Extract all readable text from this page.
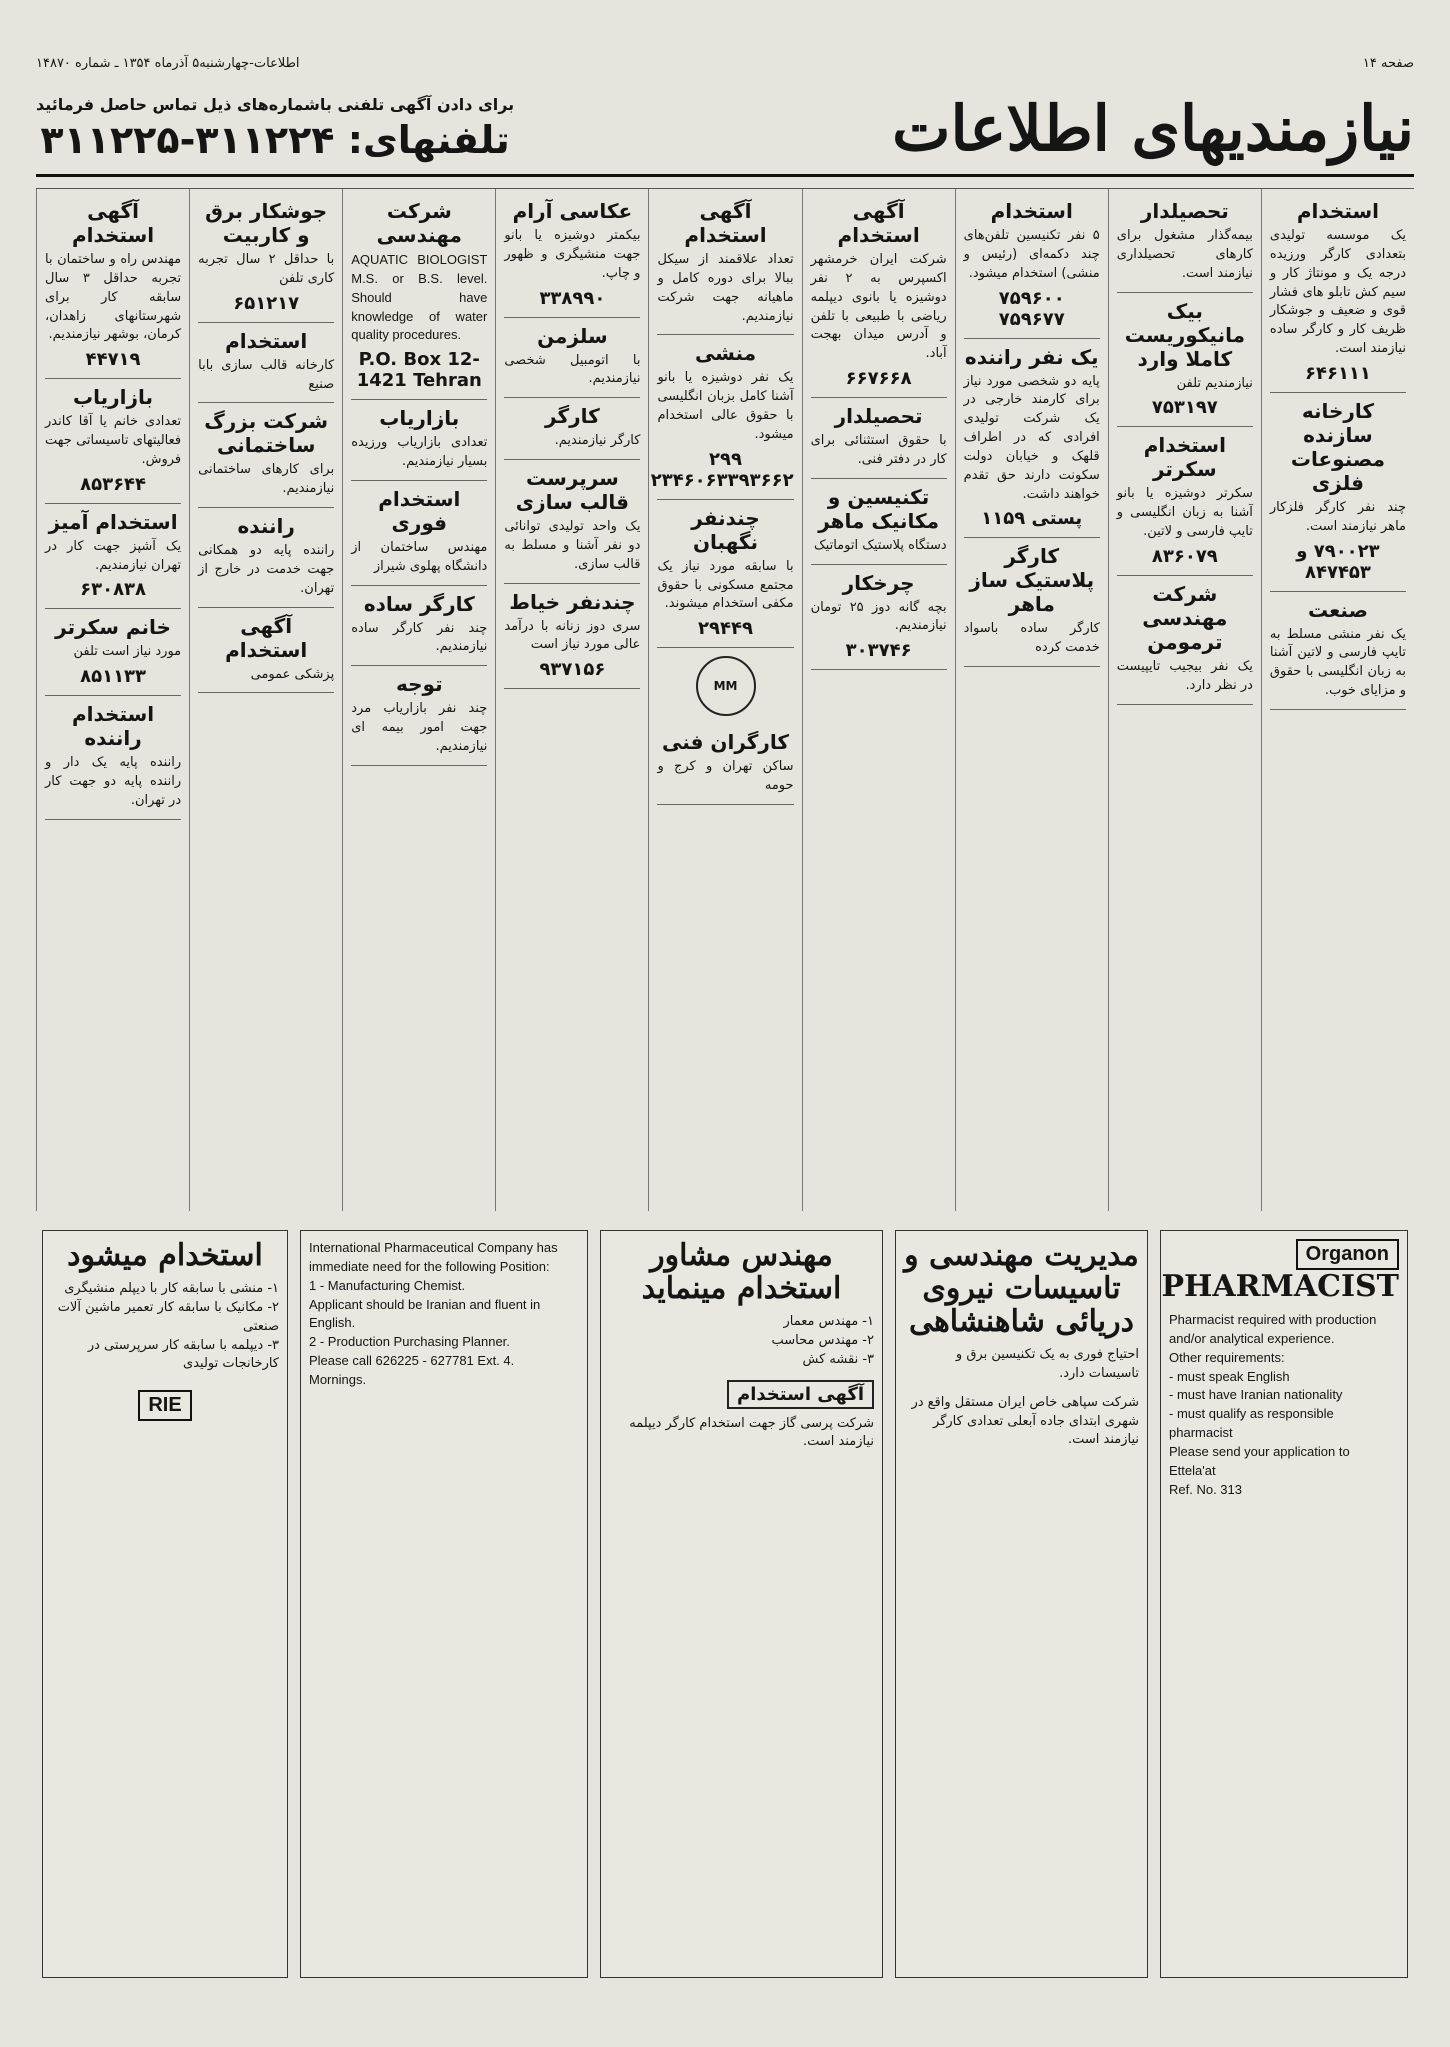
صفحه ۱۴
اطلاعات-چهارشنبه۵ آذرماه ۱۳۵۴ ـ شماره ۱۴۸۷۰
نیازمندیهای اطلاعات
برای دادن آگهی تلفنی باشماره‌های ذیل تماس حاصل فرمائید
تلفنهای: ۳۱۱۲۲۴-۳۱۱۲۲۵
استخدام

یک موسسه تولیدی بتعدادی کارگر ورزیده درجه یک و مونتاژ کار و سیم کش تابلو های فشار قوی و ضعیف و جوشکار ظریف کار و کارگر ساده نیازمند است.

۶۴۶۱۱۱
کارخانه سازنده مصنوعات فلزی

چند نفر کارگر فلزکار ماهر نیازمند است.

۷۹۰۰۲۳ و ۸۴۷۴۵۳
صنعت

یک نفر منشی مسلط به تایپ فارسی و لاتین آشنا به زبان انگلیسی با حقوق و مزایای خوب.

تحصیلدار

بیمه‌گذار مشغول برای کارهای تحصیلداری نیازمند است.

بیک مانیکوریست کاملا وارد

نیازمندیم تلفن

۷۵۳۱۹۷
استخدام سکرتر

سکرتر دوشیزه یا بانو آشنا به زبان انگلیسی و تایپ فارسی و لاتین.

۸۳۶۰۷۹
شرکت مهندسی ترمومن

یک نفر بیجیب تایپیست در نظر دارد.

استخدام

۵ نفر تکنیسین تلفن‌های چند دکمه‌ای (رئیس و منشی) استخدام میشود.

۷۵۹۶۰۰ ۷۵۹۶۷۷
یک نفر راننده

پایه دو شخصی مورد نیاز برای کارمند خارجی در یک شرکت تولیدی افرادی که در اطراف قلهک و خیابان دولت سکونت دارند حق تقدم خواهند داشت.

پستی ۱۱۵۹
کارگر پلاستیک ساز ماهر

کارگر ساده باسواد خدمت کرده

آگهی استخدام

شرکت ایران خرمشهر اکسپرس به ۲ نفر دوشیزه یا بانوی دیپلمه ریاضی با طبیعی با تلفن و آدرس میدان بهجت آباد.

۶۶۷۶۶۸
تحصیلدار

با حقوق استثنائی برای کار در دفتر فنی.

تکنیسین و مکانیک ماهر

دستگاه پلاستیک اتوماتیک

چرخکار

بچه گانه دوز ۲۵ تومان نیازمندیم.

۳۰۳۷۴۶
آگهی استخدام

تعداد علاقمند از سیکل ببالا برای دوره کامل و ماهیانه جهت شرکت نیازمندیم.

منشی

یک نفر دوشیزه یا بانو آشنا کامل بزبان انگلیسی با حقوق عالی استخدام میشود.

۲۹۹ ۲۳۴۶۰۶۳۳۹۳۶۶۲
چندنفر نگهبان

با سابقه مورد نیاز یک مجتمع مسکونی با حقوق مکفی استخدام میشوند.

۲۹۴۴۹
MM
کارگران فنی

ساکن تهران و کرج و حومه

عکاسی آرام

بیکمتر دوشیزه یا بانو جهت منشیگری و ظهور و چاپ.

۳۳۸۹۹۰
سلزمن

با اتومبیل شخصی نیازمندیم.

کارگر

کارگر نیازمندیم.

سرپرست قالب سازی

یک واحد تولیدی توانائی دو نفر آشنا و مسلط به قالب سازی.

چندنفر خیاط

سری دوز زنانه با درآمد عالی مورد نیاز است

۹۳۷۱۵۶
شرکت مهندسی

AQUATIC BIOLOGIST M.S. or B.S. level. Should have knowledge of water quality procedures.

P.O. Box 12-1421 Tehran
بازاریاب

تعدادی بازاریاب ورزیده بسیار نیازمندیم.

استخدام فوری

مهندس ساختمان از دانشگاه پهلوی شیراز

کارگر ساده

چند نفر کارگر ساده نیازمندیم.

توجه

چند نفر بازاریاب مرد جهت امور بیمه ای نیازمندیم.

جوشکار برق و کاربیت

با حداقل ۲ سال تجربه کاری تلفن

۶۵۱۲۱۷
استخدام

کارخانه قالب سازی بابا صنیع

شرکت بزرگ ساختمانی

برای کارهای ساختمانی نیازمندیم.

راننده

راننده پایه دو همکانی جهت خدمت در خارج از تهران.

آگهی استخدام

پزشکی عمومی

آگهی استخدام

مهندس راه و ساختمان با تجربه حداقل ۳ سال سابقه کار برای شهرستانهای زاهدان، کرمان، بوشهر نیازمندیم.

۴۴۷۱۹
بازاریاب

تعدادی خانم یا آقا کاندر فعالیتهای تاسیساتی جهت فروش.

۸۵۳۶۴۴
استخدام آمیز

یک آشپز جهت کار در تهران نیازمندیم.

۶۳۰۸۳۸
خانم سکرتر

مورد نیاز است تلفن

۸۵۱۱۳۳
استخدام راننده

راننده پایه یک دار و راننده پایه دو جهت کار در تهران.

Organon
PHARMACIST

Pharmacist required with production and/or analytical experience.
Other requirements:
- must speak English
- must have Iranian nationality
- must qualify as responsible pharmacist
Please send your application to Ettela'at
Ref. No. 313

مدیریت مهندسی و تاسیسات نیروی دریائی شاهنشاهی

احتیاج فوری به یک تکنیسین برق و تاسیسات دارد.

شرکت سپاهی خاص ایران مستقل واقع در شهری ابتدای جاده آبعلی تعدادی کارگر نیازمند است.

مهندس مشاور استخدام مینماید

۱- مهندس معمار
۲- مهندس محاسب
۳- نقشه کش

آگهی استخدام

شرکت پرسی گاز جهت استخدام کارگر دیپلمه نیازمند است.

International Pharmaceutical Company has immediate need for the following Position:
1 - Manufacturing Chemist.
Applicant should be Iranian and fluent in English.
2 - Production Purchasing Planner.
Please call 626225 - 627781 Ext. 4.
Mornings.

استخدام میشود

۱- منشی با سابقه کار با دیپلم منشیگری
۲- مکانیک با سابقه کار تعمیر ماشین آلات صنعتی
۳- دیپلمه با سابقه کار سرپرستی در کارخانجات تولیدی

RIE
